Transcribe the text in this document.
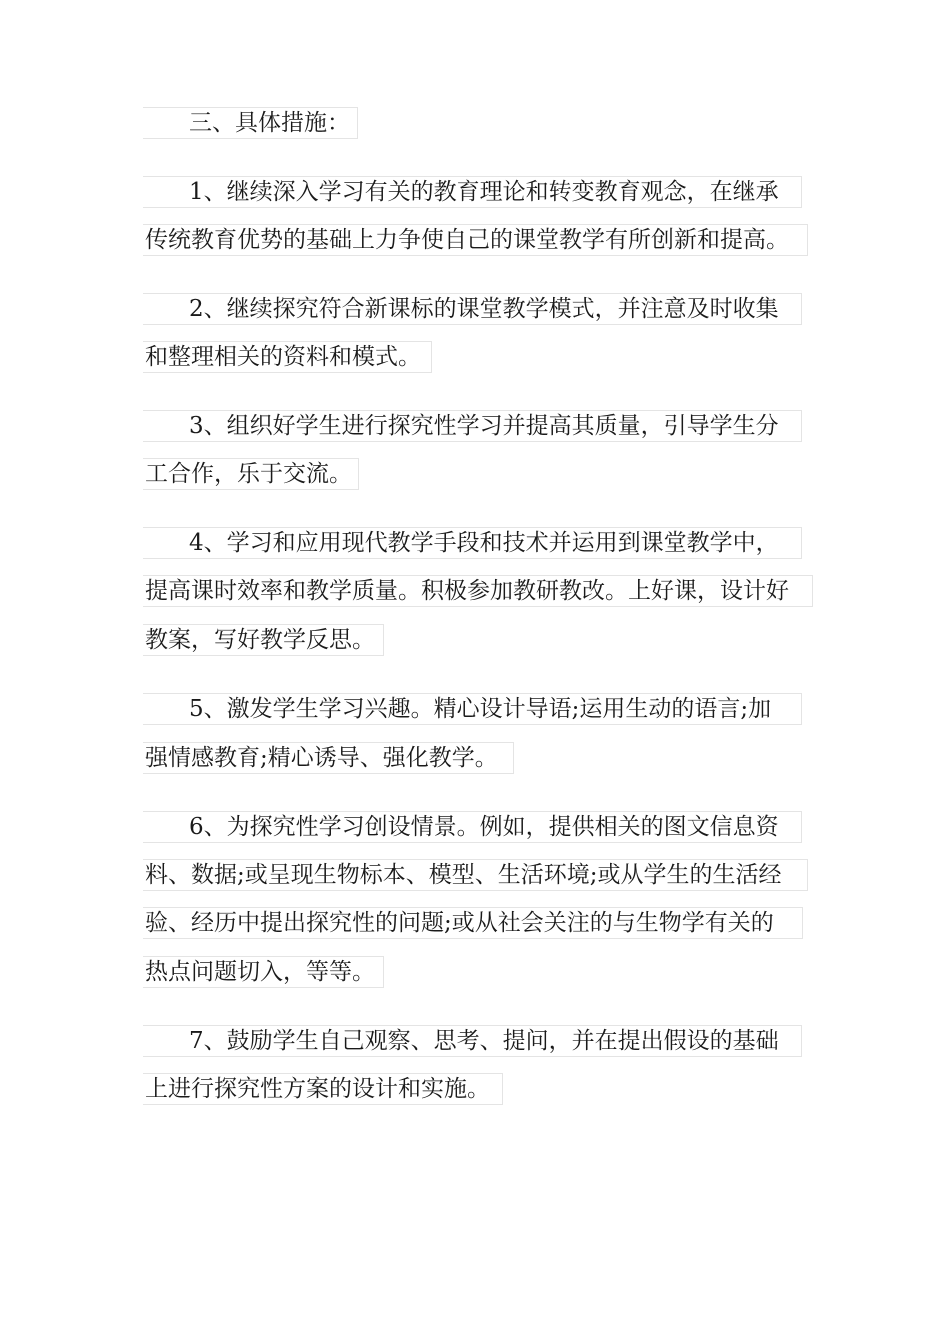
三、具体措施：
1、继续深入学习有关的教育理论和转变教育观念，在继承
传统教育优势的基础上力争使自己的课堂教学有所创新和提高。
2、继续探究符合新课标的课堂教学模式，并注意及时收集
和整理相关的资料和模式。
3、组织好学生进行探究性学习并提高其质量，引导学生分
工合作，乐于交流。
4、学习和应用现代教学手段和技术并运用到课堂教学中，
提高课时效率和教学质量。积极参加教研教改。上好课，设计好
教案，写好教学反思。
5、激发学生学习兴趣。精心设计导语;运用生动的语言;加
强情感教育;精心诱导、强化教学。
6、为探究性学习创设情景。例如，提供相关的图文信息资
料、数据;或呈现生物标本、模型、生活环境;或从学生的生活经
验、经历中提出探究性的问题;或从社会关注的与生物学有关的
热点问题切入，等等。
7、鼓励学生自己观察、思考、提问，并在提出假设的基础
上进行探究性方案的设计和实施。
